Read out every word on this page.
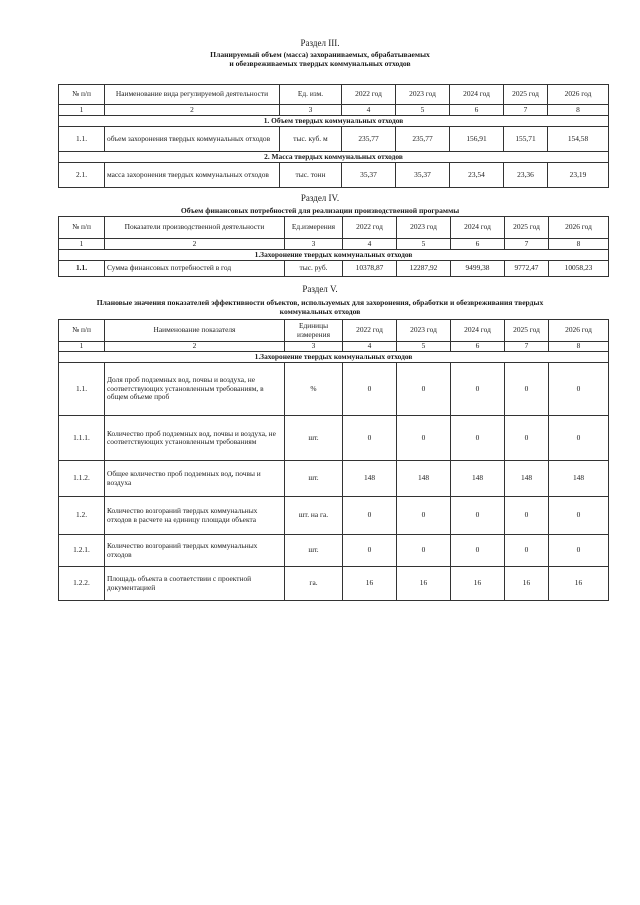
Раздел III.
Планируемый объем (масса) захораниваемых, обрабатываемых
и обезвреживаемых твердых коммунальных отходов
№ п/п	Наименование вида регулируемой деятельности	Ед. изм.	2022 год	2023 год	2024 год	2025 год	2026 год
1	2	3	4	5	6	7	8
1. Объем твердых коммунальных отходов							
1.1.	объем захоронения твердых коммунальных отходов	тыс. куб. м	235,77	235,77	156,91	155,71	154,58
2. Масса твердых коммунальных отходов							
2.1.	масса захоронения твердых коммунальных отходов	тыс. тонн	35,37	35,37	23,54	23,36	23,19
Раздел IV.
Объем финансовых потребностей для реализации производственной программы
№ п/п	Показатели производственной деятельности	Ед.измерения	2022 год	2023 год	2024 год	2025 год	2026 год
1	2	3	4	5	6	7	8
1.Захоронение твердых коммунальных отходов							
1.1.	Сумма финансовых потребностей в год	тыс. руб.	10378,87	12287,92	9499,38	9772,47	10058,23
Раздел V.
Плановые значения показателей эффективности объектов, используемых для захоронения, обработки и обезвреживания твердых
коммунальных отходов
№ п/п	Наименование показателя	Единицы измерения	2022 год	2023 год	2024 год	2025 год	2026 год
1	2	3	4	5	6	7	8
1.Захоронение твердых коммунальных отходов							
1.1.	Доля проб подземных вод, почвы и воздуха, не соответствующих установленным требованиям, в общем объеме проб	%	0	0	0	0	0
1.1.1.	Количество проб подземных вод, почвы и воздуха, не соответствующих установленным требованиям	шт.	0	0	0	0	0
1.1.2.	Общее количество проб подземных вод, почвы и воздуха	шт.	148	148	148	148	148
1.2.	Количество возгораний твердых коммунальных отходов в расчете на единицу площади объекта	шт. на га.	0	0	0	0	0
1.2.1.	Количество возгораний твердых коммунальных отходов	шт.	0	0	0	0	0
1.2.2.	Площадь объекта в соответствии с проектной документацией	га.	16	16	16	16	16
